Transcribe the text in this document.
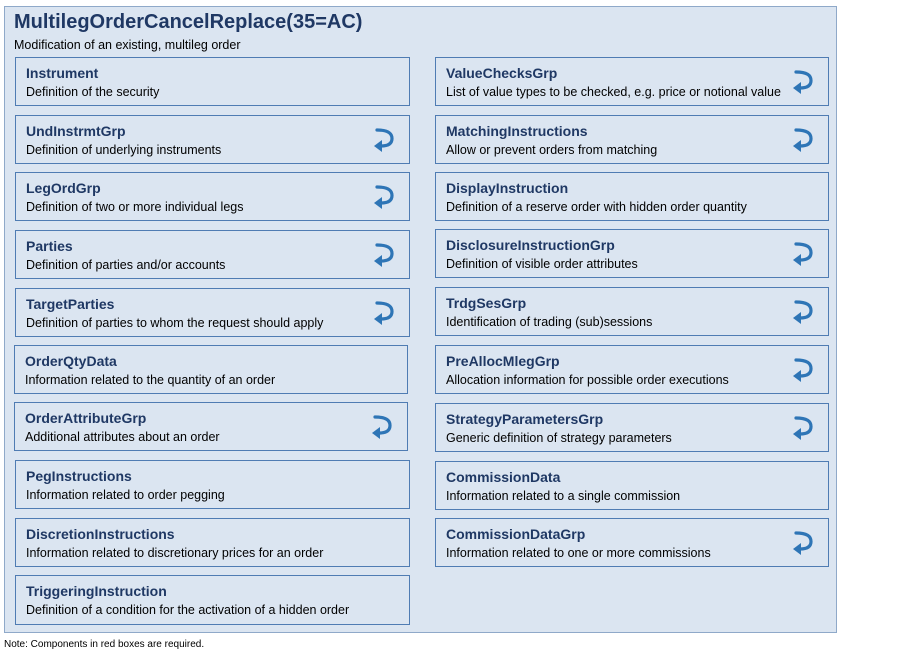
MultilegOrderCancelReplace(35=AC)
Modification of an existing, multileg order
Instrument
Definition of the security
UndInstrmtGrp
Definition of underlying instruments
LegOrdGrp
Definition of two or more individual legs
Parties
Definition of parties and/or accounts
TargetParties
Definition of parties to whom the request should apply
OrderQtyData
Information related to the quantity of an order
OrderAttributeGrp
Additional attributes about an order
PegInstructions
Information related to order pegging
DiscretionInstructions
Information related to discretionary prices for an order
TriggeringInstruction
Definition of a condition for the activation of a hidden order
ValueChecksGrp
List of value types to be checked, e.g. price or notional value
MatchingInstructions
Allow or prevent orders from matching
DisplayInstruction
Definition of a reserve order with hidden order quantity
DisclosureInstructionGrp
Definition of visible order attributes
TrdgSesGrp
Identification of trading (sub)sessions
PreAllocMlegGrp
Allocation information for possible order executions
StrategyParametersGrp
Generic definition of strategy parameters
CommissionData
Information related to a single commission
CommissionDataGrp
Information related to one or more commissions
Note: Components in red boxes are required.
